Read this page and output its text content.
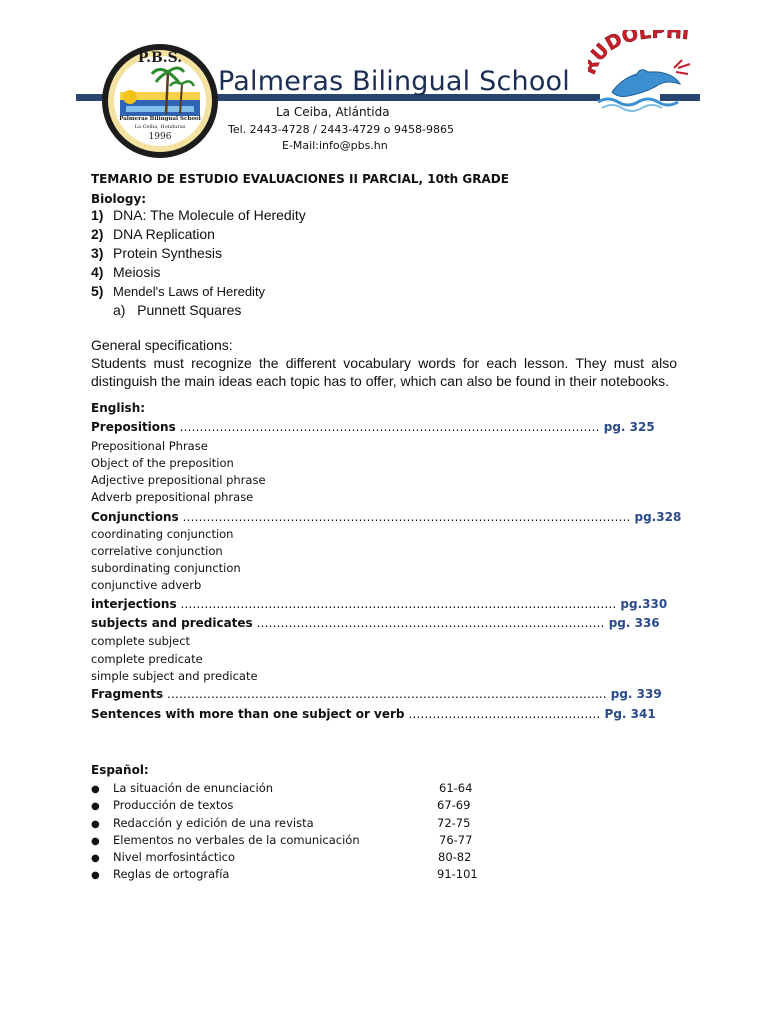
P.B.S.
Palmeras Bilingual School
La Ceiba, Honduras
1996
Palmeras Bilingual School
La Ceiba, Atlántida
Tel. 2443-4728 / 2443-4729 o 9458-9865
E-Mail:info@pbs.hn
UDOLPHI
TEMARIO DE ESTUDIO EVALUACIONES II PARCIAL, 10th GRADE
Biology:
1) DNA: The Molecule of Heredity
2) DNA Replication
3) Protein Synthesis
4) Meiosis
5) Mendel's Laws of Heredity
a)   Punnett Squares
General specifications:
Students must recognize the different vocabulary words for each lesson. They must also distinguish the main ideas each topic has to offer, which can also be found in their notebooks.
English:
Prepositions …………………………………………………………………………………………… pg. 325
Prepositional Phrase
Object of the preposition
Adjective prepositional phrase
Adverb prepositional phrase
Conjunctions …………………………………………………………………………………………………. pg.328
coordinating conjunction
correlative conjunction
subordinating conjunction
conjunctive adverb
interjections ………………………………………………………………………………………………. pg.330
subjects and predicates …………………………………………………………………………… pg. 336
complete subject
complete predicate
simple subject and predicate
Fragments ……………………………………………………………………………………………….. pg. 339
Sentences with more than one subject or verb ………………………………………… Pg. 341
Español:
● La situación de enunciación	61-64
● Producción de textos	67-69
● Redacción y edición de una revista	72-75
● Elementos no verbales de la comunicación	76-77
● Nivel morfosintáctico	80-82
● Reglas de ortografía	91-101
